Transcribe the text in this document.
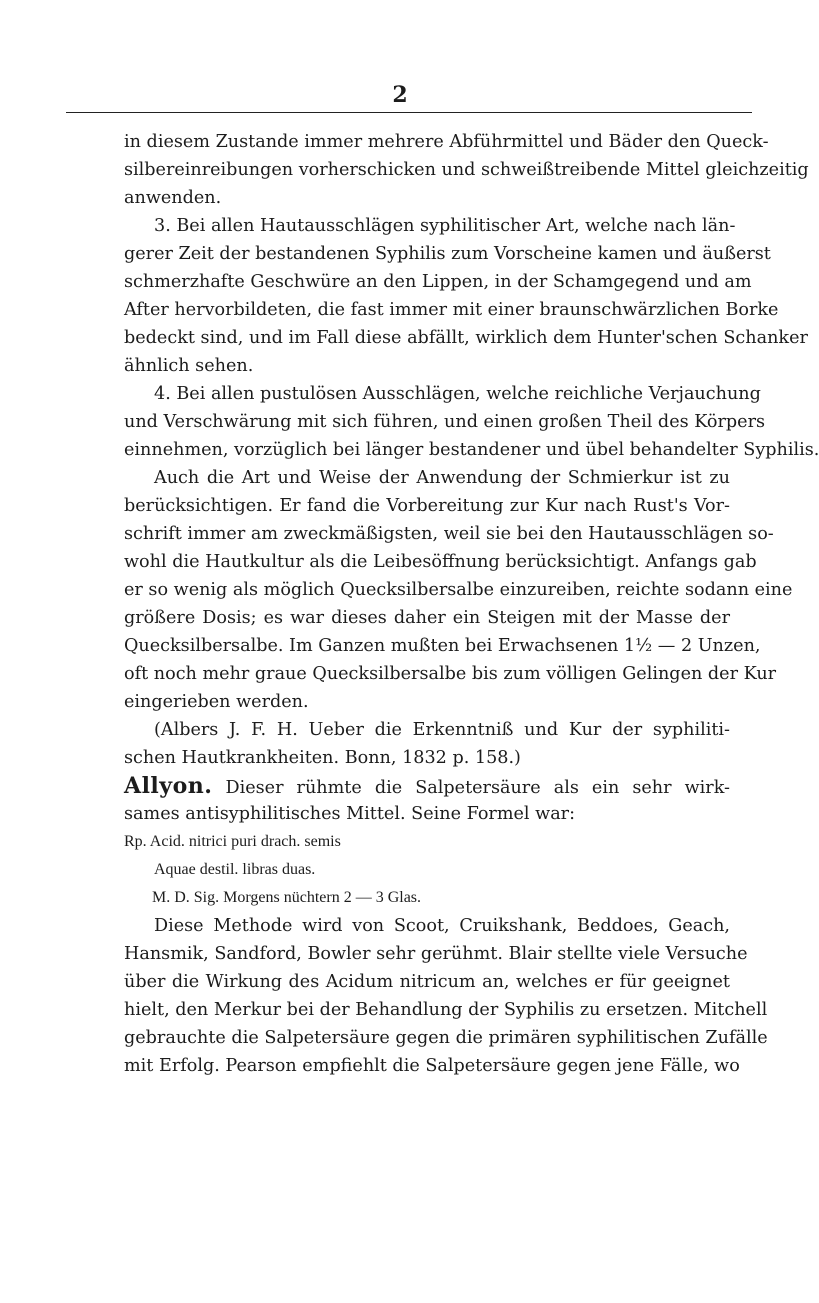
2
in diesem Zustande immer mehrere Abführmittel und Bäder den Queck-
silbereinreibungen vorherschicken und schweißtreibende Mittel gleichzeitig
anwenden.
3. Bei allen Hautausschlägen syphilitischer Art, welche nach län-
gerer Zeit der bestandenen Syphilis zum Vorscheine kamen und äußerst
schmerzhafte Geschwüre an den Lippen, in der Schamgegend und am
After hervorbildeten, die fast immer mit einer braunschwärzlichen Borke
bedeckt sind, und im Fall diese abfällt, wirklich dem Hunter'schen Schanker
ähnlich sehen.
4. Bei allen pustulösen Ausschlägen, welche reichliche Verjauchung
und Verschwärung mit sich führen, und einen großen Theil des Körpers
einnehmen, vorzüglich bei länger bestandener und übel behandelter Syphilis.
Auch die Art und Weise der Anwendung der Schmierkur ist zu
berücksichtigen. Er fand die Vorbereitung zur Kur nach Rust's Vor-
schrift immer am zweckmäßigsten, weil sie bei den Hautausschlägen so-
wohl die Hautkultur als die Leibesöffnung berücksichtigt. Anfangs gab
er so wenig als möglich Quecksilbersalbe einzureiben, reichte sodann eine
größere Dosis; es war dieses daher ein Steigen mit der Masse der
Quecksilbersalbe. Im Ganzen mußten bei Erwachsenen 1½ — 2 Unzen,
oft noch mehr graue Quecksilbersalbe bis zum völligen Gelingen der Kur
eingerieben werden.
(Albers J. F. H. Ueber die Erkenntniß und Kur der syphiliti-
schen Hautkrankheiten. Bonn, 1832 p. 158.)
Allyon. Dieser rühmte die Salpetersäure als ein sehr wirk-
sames antisyphilitisches Mittel. Seine Formel war:
Rp. Acid. nitrici puri drach. semis
Aquae destil. libras duas.
M. D. Sig. Morgens nüchtern 2 — 3 Glas.
Diese Methode wird von Scoot, Cruikshank, Beddoes, Geach,
Hansmik, Sandford, Bowler sehr gerühmt. Blair stellte viele Versuche
über die Wirkung des Acidum nitricum an, welches er für geeignet
hielt, den Merkur bei der Behandlung der Syphilis zu ersetzen. Mitchell
gebrauchte die Salpetersäure gegen die primären syphilitischen Zufälle
mit Erfolg. Pearson empfiehlt die Salpetersäure gegen jene Fälle, wo
